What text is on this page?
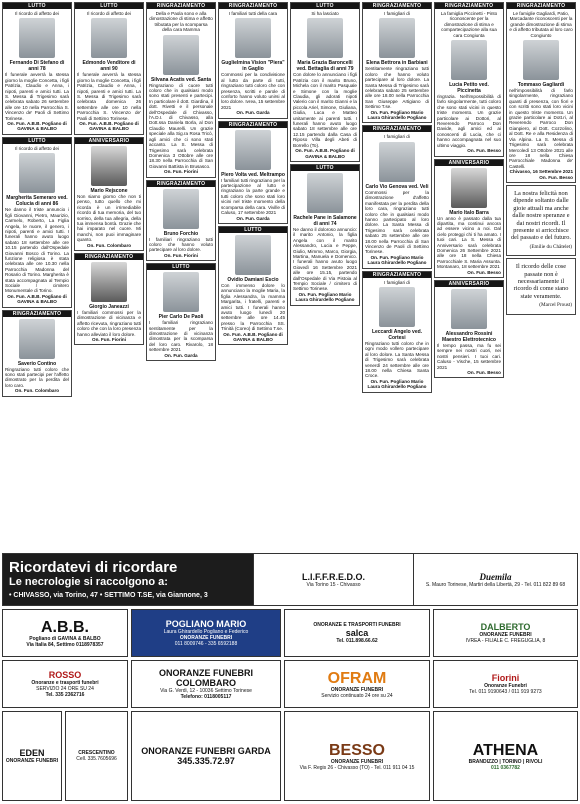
LUTTO
Il ricordo di affetto dei
Fernando Di Stefano di anni 78
Il funerale avverrà la stessa giorno la moglie Concetta, i figli Patrizia, Claudio e Anna, i nipoti, parenti e amici tutti. La S. Messa di Trigesimo sarà celebrata sabato 26 settembre alle ore 10 nella Parrocchia S. Vincenzo de' Paoli di Settimo Torinese.
On. Fun. A.B.B. Pogliano di GAVINA & BALBO
LUTTO
Il ricordo di affetto dei
Margherita Semeraro ved. Colucia di anni 86
Ne danno il triste annuncio i figli Giovanni, Pietro, Maurizio, Carmelo, Roberto, La Figlia Angela, le nuore, il genero, i nipoti, parenti e amici tutti. I funerali hanno avuto luogo sabato 18 settembre alle ore 10.15 partendo dall'Ospedale Giovanni Bosco di Torino. La funzione religiosa è stata celebrata alle ore 10.30 nella Parrocchia Madonna del Rosario di Torino. Margherita è stata accompagnata al Tempio Sociale / cimitero Monumentale di Torino.
On. Fun. A.B.B. Pogliano di GAVINA & BALBO
RINGRAZIAMENTO
Saverio Contino
Ringraziano tutti coloro che sono stati partecipi per l'affetto dimostrato per la perdita del loro caro.
On. Fun. Colombaro
LUTTO
Il ricordo di affetto dei
Edmondo Venditore di anni 90
Il funerale avverrà la stessa giorno la moglie Concetta, i figli Patrizia, Claudio e Anna, i nipoti, parenti e amici tutti. La S. Messa di Trigesimo sarà celebrata domenica 26 settembre alle ore 10 nella Parrocchia S. Vincenzo de' Paoli di Settimo Torinese.
On. Fun. A.B.B. Pogliano di GAVINA & BALBO
ANNIVERSARIO
Mario Rejscone
Non siamo giorno che non ti penso, tutto quello che mi ricorda è un irrimediabile ricordo di tua memoria, del tuo sorriso, della tua allegria, della tua immensa bontà. Grazie che hai imparato nel cuore. Mi manchi, non puoi immaginare quanto.
On. Fun. Colombaro
RINGRAZIAMENTO
Giorgio Janeazzi
I familiari commossi per la dimostrazione di vicinanza e affetto ricevuta, ringraziano tutti coloro che con la loro presenza hanno alleviato il loro dolore.
On. Fun. Fiorini
RINGRAZIAMENTO
Della e Paola sono e alla dimostrazione di stima e affetto tributata per la scomparsa della cara Mamma
Silvana Acatis ved. Santa
Ringraziano di cuore tutti coloro che in qualsiasi modo sono stati presenti e partecipi. In particolare il dott. Giardina, il dott. Rivetti e il personale dell'Ospedale di Chivasso, l'A.D.I. di Chivasso, alla Dott.ssa Daniela Borla, al Don Claudio Maurelli. Un grazie speciale alla Sig.ra Rosa Tricò, agli amici che ci sono stati accanto. La S. Messa di Trigesimo sarà celebrata Domenica 3 Ottobre alle ore 18.30 nella Parrocchia di San Giovanni Battista in Brusasco.
On. Fun. Fiorini
RINGRAZIAMENTO
Bruno Forchio
I familiari ringraziano tutti coloro che hanno voluto partecipare al loro dolore.
On. Fun. Fiorini
LUTTO
Pier Carlo De Paoli
I familiari ringraziano sentitamente per la dimostrazione di vicinanza dimostrata per la scomparsa del loro caro. Rivarolo, 18 settembre 2021
On. Fun. Garda
RINGRAZIAMENTO
I familiari tutti della cara
Guglielmina Vision "Piera" in Gaglio
Commossi per la condivisione al lutto da parte di tutti, ringraziano tutti coloro che con presenza, scritti e parole di conforto hanno voluto unirsi al loro dolore. Ivrea, 15 settembre 2021
On. Fun. Garda
RINGRAZIAMENTO
Piero Volta ved. Meltrampo
I familiari tutti ringraziano per la partecipazione al lutto e ringraziano la parte grande e tutti coloro che sono stati loro vicini nel triste momento della scomparsa della cara. Viville di Caluso, 17 settembre 2021
On. Fun. Garda
LUTTO
Ovidio Damiani Escio
Con immenso dolore lo annunciano la moglie Maria, la figlia Alessandra, la mamma Margarita, i fratelli, parenti e amici tutti. I funerali hanno avuto luogo lunedì 20 settembre alle ore 14.45 presso la Parrocchia SS. Trinità (Coreo) di Settimo T.se.
On. Fun. A.B.B. Pogliano di GAVINA & BALBO
LUTTO
Si ha lasciato
Maria Grazia Baroncelli ved. Bettaglia di anni 79
Con dolore lo annunciano i figli Patrizia con il marito Bruno, Michela con il marito Pasquale e Simone con la moglie Claudia, gli adorati nipoti Valerio con il marito Gianni e la piccola Ariel, Simone, Giuliana, Giulia, Luca e Matteo unitamente ai parenti tutti. I funerali hanno avuto luogo sabato 18 settembre alle ore 12.15 partendo dalla Casa di Riposo Villa degli Abeti di Borrello (To).
On. Fun. A.B.B. Pogliano di GAVINA & BALBO
LUTTO
Rachele Pane in Salamone di anni 74
Ne danno il doloroso annuncio: il marito Antonio, la figlia Angela con il marito Alessandro, Lucia e Peppe, Giulio, Mimmo, Marco, Giorgia, Martina, Manuela e Domenico. I funerali hanno avuto luogo Giovedì 16 Settembre 2021 alle ore 15.15, partendo dall'Ospedale di Via Pistoia al Tempio Sociale / cimitero di Settimo Torinese.
On. Fun. Pogliano Mario Laura Ghirardello Pogliano
RINGRAZIAMENTO
I famigliari di
Elena Bettrora in Barbiani
Sentitamente ringraziano tutti coloro che hanno voluto partecipare al loro dolore. La Santa Messa di Trigesimo sarà celebrata sabato 25 settembre alle ore 18.00 nella Parrocchia San Giuseppe Artigiano di Settimo T.se.
On. Fun. Pogliano Mario Laura Ghirardello Pogliano
RINGRAZIAMENTO
I famigliari di
Carlo Vio Genova ved. Veli
Commossi per la dimostrazione d'affetto manifestata per la perdita della loro cara, ringraziano tutti coloro che in qualsiasi modo hanno partecipato al loro dolore. La Santa Messa di Trigesimo sarà celebrata sabato 25 settembre alle ore 18.00 nella Parrocchia di San Vincenzo de Paoli di Settimo Torinese.
On. Fun. Pogliano Mario Laura Ghirardello Pogliano
RINGRAZIAMENTO
I famigliari di
Leccardi Angelo ved. Cortesi
Ringraziano tutti coloro che in ogni modo vollero partecipare al loro dolore. La Santa Messa di Trigesimo sarà celebrata venerdì 24 settembre alle ore 18.00 nella Chiesa Santa Croce.
On. Fun. Pogliano Mario Laura Ghirardello Pogliano
RINGRAZIAMENTO
La famiglia Piccinetti - Pinto riconoscente per la dimostrazione di stima e compartecipazione alla sua cara Congiunta
Lucia Petito ved. Piccinetta
ringrazia. Nell'impossibilità di farlo singolarmente, tutti coloro che sono stati vicini in questo triste momento. Un grazie particolare ai Dottori, al Reverendo Parroco Don Davide, agli amici ed ai conoscenti di Lucia, che ci hanno accompagnata nel suo ultimo viaggio.
On. Fun. Besso
ANNIVERSARIO
Mario Italo Barra
Un anno è passato dalla tua dipartita, ma continui ancora ad essere vicino a noi. Dal cielo proteggi chi ti ha amato. I tuoi cari. La S. Messa di Anniversario sarà celebrata Domenica 26 Settembre 2021 alle ore 18 nella Chiesa Parrocchiale S. Maria Assunta. Montanaro, 18 settembre 2021
On. Fun. Besso
ANNIVERSARIO
Alessandro Rossini Maestro Elettrotecnico
Il tempo passa, ma fu sei sempre nei nostri cuori, nei nostri pensieri. I tuoi cari. Caluso - Vische, 15 settembre 2021
On. Fun. Besso
RINGRAZIAMENTO
Le famiglie Gagliardi, Patio, Marcadante riconoscenti per la grande dimostrazione di stima e di affetto tributata al loro caro Congiunto
Tommaso Gagliardi
nell'impossibilità di farlo singolarmente, ringraziano quanti di presenza, con fiori e con scritti sono stati loro vicini in questo triste momento. Un grazie particolare ai Dott.ri, al Reverendo Parroco Don Gianpiero, al Dott. Cozzolino, al Dott. Re e alla Residenza di Via Alpina. La S. Messa di Trigesimo sarà celebrata Mercoledì 13 Ottobre 2021 alle ore 18 nella Chiesa Parrocchiale Madonna de' Castelli.
Chivasso, 16 Settembre 2021 On. Fun. Besso
La nostra felicità non dipende soltanto dalle gioie attuali ma anche dalle nostre speranze e dai nostri ricordi. Il presente si arricchisce del passato e del futuro.
(Emilie du Châtelet)
Il ricordo delle cose passate non è necessariamente il ricordo di come siano state veramente.
(Marcel Proust)
Ricordatevi di ricordare
Le necrologie si raccolgono a:
• CHIVASSO, via Torino, 47 • SETTIMO T.SE, via Giannone, 3
L.I.F.F.R.E.D.O.
Via Torino 15 - Chivasso
Duemila
S. Mauro Torinese, Martiri della Libertà, 29 - Tel. 011 822 89 68
A.B.B.
Pogliano di GAVINA & BALBO
Via Italia 84, Settimo 0118978357
POGLIANO MARIO
Laura Ghirardello Pogliano e Federico
ONORANZE FUNEBRI
011 8009746 - 335 6592188
ONORANZE E TRASPORTI FUNEBRI
salca
Tel. 011.898.66.62
DALBERTO
ONORANZE FUNEBRI
IVREA - FILIALE C. FREGUGLIA, 8
ROSSO
Onoranze e trasporti funebri
SERVIZIO 24 ORE SU 24
Tel. 335 2362716
ONORANZE FUNEBRI COLOMBARO
Via G. Verdi, 12 - 10036 Settimo Torinese
Telefono: 0118005117
OFRAM
ONORANZE FUNEBRI
Servizio continuato 24 ore su 24
Fiorini
Onoranze Funebri
Tel. 011 9190643 / 011 919 9273
EDEN
ONORANZE FUNEBRI
CRESCENTINO
Cell. 335.7605696
ONORANZE FUNEBRI GARDA
345.335.72.97
BESSO
ONORANZE FUNEBRI
Via F. Regis 26 - Chivasso (TO) - Tel. 011 911 04 15
ATHENA
BRANDIZZO | TORINO | RIVOLI
011 0367782
